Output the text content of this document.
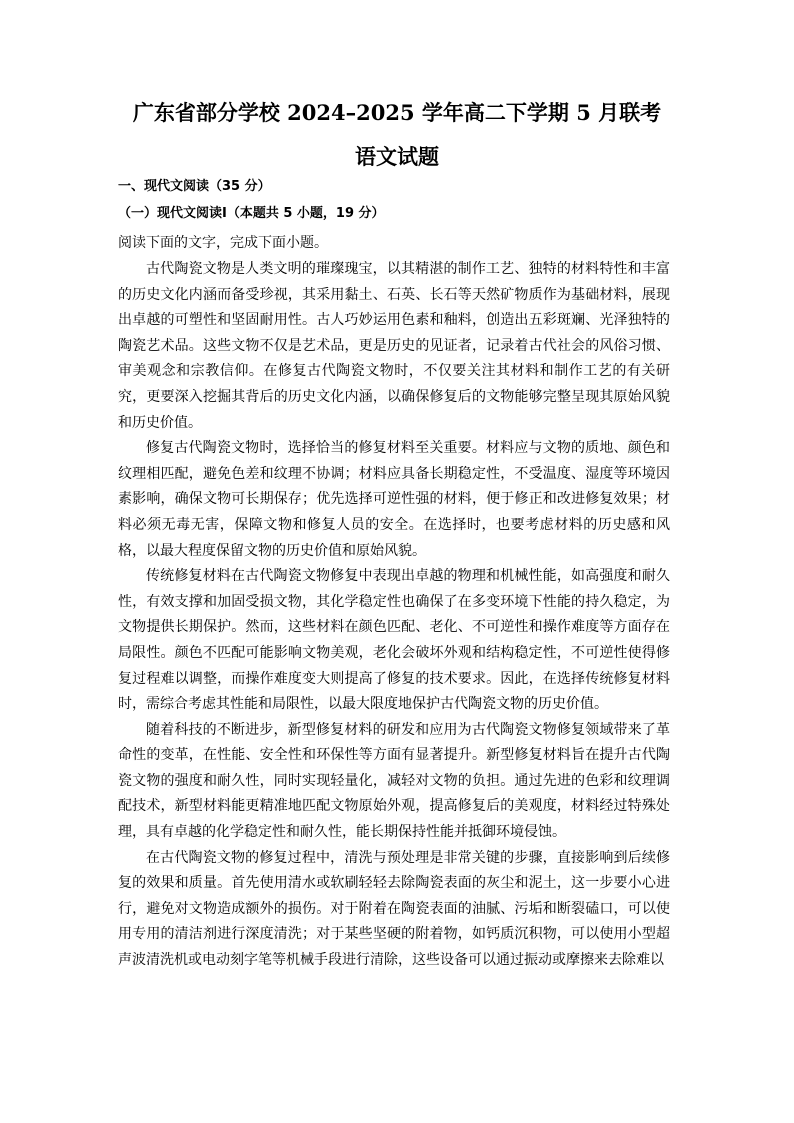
广东省部分学校 2024–2025 学年高二下学期 5 月联考
语文试题
一、现代文阅读（35 分）
（一）现代文阅读Ⅰ（本题共 5 小题，19 分）

阅读下面的文字，完成下面小题。

古代陶瓷文物是人类文明的璀璨瑰宝，以其精湛的制作工艺、独特的材料特性和丰富的历史文化内涵而备受珍视，其采用黏土、石英、长石等天然矿物质作为基础材料，展现出卓越的可塑性和坚固耐用性。古人巧妙运用色素和釉料，创造出五彩斑斓、光泽独特的陶瓷艺术品。这些文物不仅是艺术品，更是历史的见证者，记录着古代社会的风俗习惯、审美观念和宗教信仰。在修复古代陶瓷文物时，不仅要关注其材料和制作工艺的有关研究，更要深入挖掘其背后的历史文化内涵，以确保修复后的文物能够完整呈现其原始风貌和历史价值。

修复古代陶瓷文物时，选择恰当的修复材料至关重要。材料应与文物的质地、颜色和纹理相匹配，避免色差和纹理不协调；材料应具备长期稳定性，不受温度、湿度等环境因素影响，确保文物可长期保存；优先选择可逆性强的材料，便于修正和改进修复效果；材料必须无毒无害，保障文物和修复人员的安全。在选择时，也要考虑材料的历史感和风格，以最大程度保留文物的历史价值和原始风貌。

传统修复材料在古代陶瓷文物修复中表现出卓越的物理和机械性能，如高强度和耐久性，有效支撑和加固受损文物，其化学稳定性也确保了在多变环境下性能的持久稳定，为文物提供长期保护。然而，这些材料在颜色匹配、老化、不可逆性和操作难度等方面存在局限性。颜色不匹配可能影响文物美观，老化会破坏外观和结构稳定性，不可逆性使得修复过程难以调整，而操作难度变大则提高了修复的技术要求。因此，在选择传统修复材料时，需综合考虑其性能和局限性，以最大限度地保护古代陶瓷文物的历史价值。

随着科技的不断进步，新型修复材料的研发和应用为古代陶瓷文物修复领域带来了革命性的变革，在性能、安全性和环保性等方面有显著提升。新型修复材料旨在提升古代陶瓷文物的强度和耐久性，同时实现轻量化，减轻对文物的负担。通过先进的色彩和纹理调配技术，新型材料能更精准地匹配文物原始外观，提高修复后的美观度，材料经过特殊处理，具有卓越的化学稳定性和耐久性，能长期保持性能并抵御环境侵蚀。

在古代陶瓷文物的修复过程中，清洗与预处理是非常关键的步骤，直接影响到后续修复的效果和质量。首先使用清水或软刷轻轻去除陶瓷表面的灰尘和泥土，这一步要小心进行，避免对文物造成额外的损伤。对于附着在陶瓷表面的油腻、污垢和断裂磕口，可以使用专用的清洁剂进行深度清洗；对于某些坚硬的附着物，如钙质沉积物，可以使用小型超声波清洗机或电动刻字笔等机械手段进行清除，这些设备可以通过振动或摩擦来去除难以
